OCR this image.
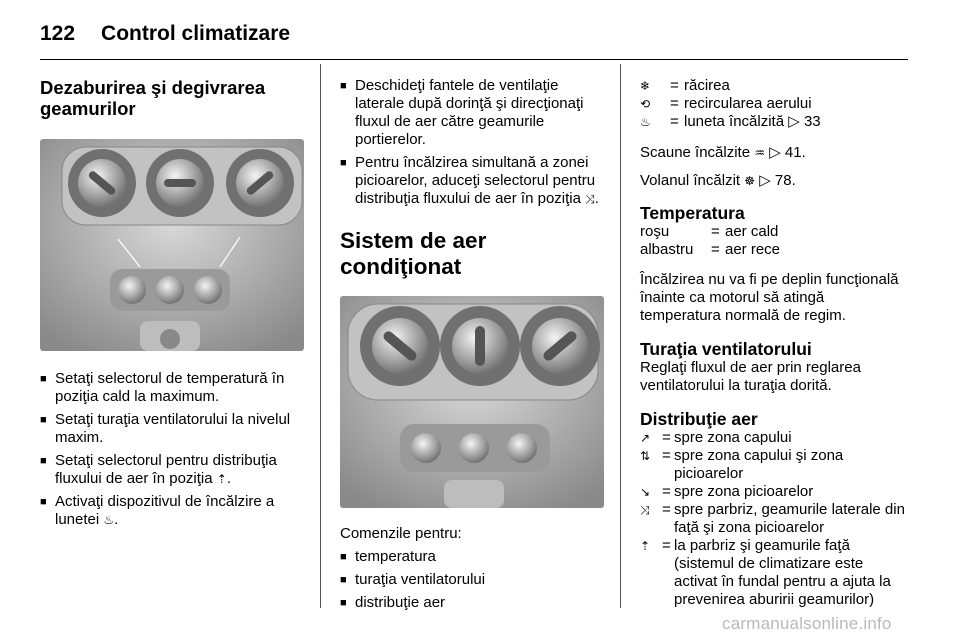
122 Control climatizare
Dezaburirea şi degivrarea geamurilor
■ Setaţi selectorul de temperatură în poziţia cald la maximum.
■ Setaţi turaţia ventilatorului la nivelul maxim.
■ Setaţi selectorul pentru distribuţia fluxului de aer în poziţia ⇡.
■ Activaţi dispozitivul de încălzire a lunetei ♨.
■ Deschideţi fantele de ventilaţie laterale după dorinţă şi direcţionaţi fluxul de aer către geamurile portierelor.
■ Pentru încălzirea simultană a zonei picioarelor, aduceţi selectorul pentru distribuţia fluxului de aer în poziţia ⤨.
Sistem de aer condiţionat

Comenzile pentru:

■ temperatura
■ turaţia ventilatorului
■ distribuţie aer
❄	= răcirea
⟲	= recircularea aerului
♨	= luneta încălzită ▷ 33

Scaune încălzite ♒ ▷ 41.

Volanul încălzit ☸ ▷ 78.

Temperatura
roşu	= aer cald
albastru	= aer rece

Încălzirea nu va fi pe deplin funcţională înainte ca motorul să atingă temperatura normală de regim.

Turaţia ventilatorului

Reglaţi fluxul de aer prin reglarea ventilatorului la turaţia dorită.

Distribuţie aer
↗ = spre zona capului
⇅ = spre zona capului şi zona picioarelor
↘ = spre zona picioarelor
⤨ = spre parbriz, geamurile laterale din faţă şi zona picioarelor
⇡ = la parbriz şi geamurile faţă (sistemul de climatizare este activat în fundal pentru a ajuta la prevenirea aburirii geamurilor)
carmanualsonline.info
